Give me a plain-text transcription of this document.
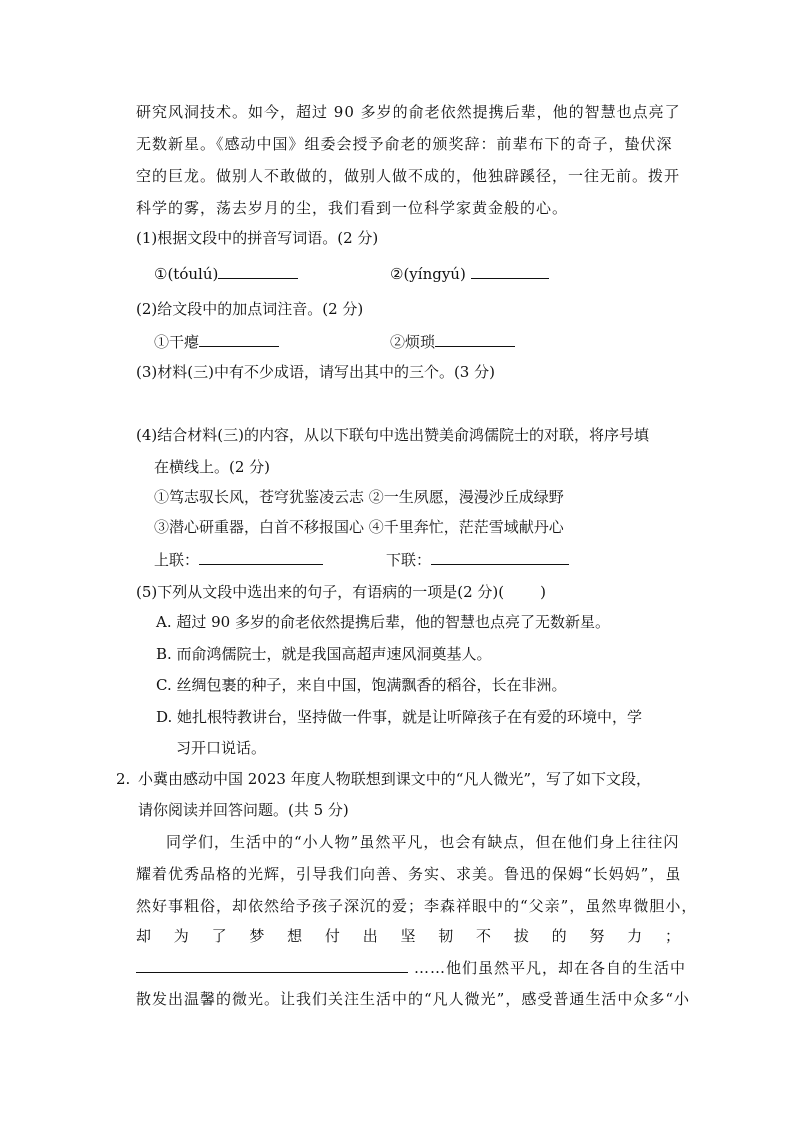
研究风洞技术。如今，超过 90 多岁的俞老依然提携后辈，他的智慧也点亮了
无数新星。《感动中国》组委会授予俞老的颁奖辞：前辈布下的奇子，蛰伏深
空的巨龙。做别人不敢做的，做别人做不成的，他独辟蹊径，一往无前。拨开
科学的雾，荡去岁月的尘，我们看到一位科学家黄金般的心。
(1)根据文段中的拼音写词语。(2 分)
①(tóulú)	②(yíngyú)
(2)给文段中的加点词注音。(2 分)
①干瘪	②烦琐
(3)材料(三)中有不少成语，请写出其中的三个。(3 分)
(4)结合材料(三)的内容，从以下联句中选出赞美俞鸿儒院士的对联，将序号填
在横线上。(2 分)
①笃志驭长风，苍穹犹鉴凌云志 ②一生夙愿，漫漫沙丘成绿野
③潜心研重器，白首不移报国心 ④千里奔忙，茫茫雪域献丹心
上联：	下联：
(5)下列从文段中选出来的句子，有语病的一项是(2 分)( )
A. 超过 90 多岁的俞老依然提携后辈，他的智慧也点亮了无数新星。
B. 而俞鸿儒院士，就是我国高超声速风洞奠基人。
C. 丝绸包裹的种子，来自中国，饱满飘香的稻谷，长在非洲。
D. 她扎根特教讲台，坚持做一件事，就是让听障孩子在有爱的环境中，学
习开口说话。
2. 小冀由感动中国 2023 年度人物联想到课文中的“凡人微光”，写了如下文段，
请你阅读并回答问题。(共 5 分)
同学们，生活中的“小人物”虽然平凡，也会有缺点，但在他们身上往往闪
耀着优秀品格的光辉，引导我们向善、务实、求美。鲁迅的保姆“长妈妈”，虽
然好事粗俗，却依然给予孩子深沉的爱；李森祥眼中的“父亲”，虽然卑微胆小，
却 为 了 梦 想 付 出 坚 韧 不 拔 的 努 力 ；
……他们虽然平凡，却在各自的生活中
散发出温馨的微光。让我们关注生活中的“凡人微光”，感受普通生活中众多“小
